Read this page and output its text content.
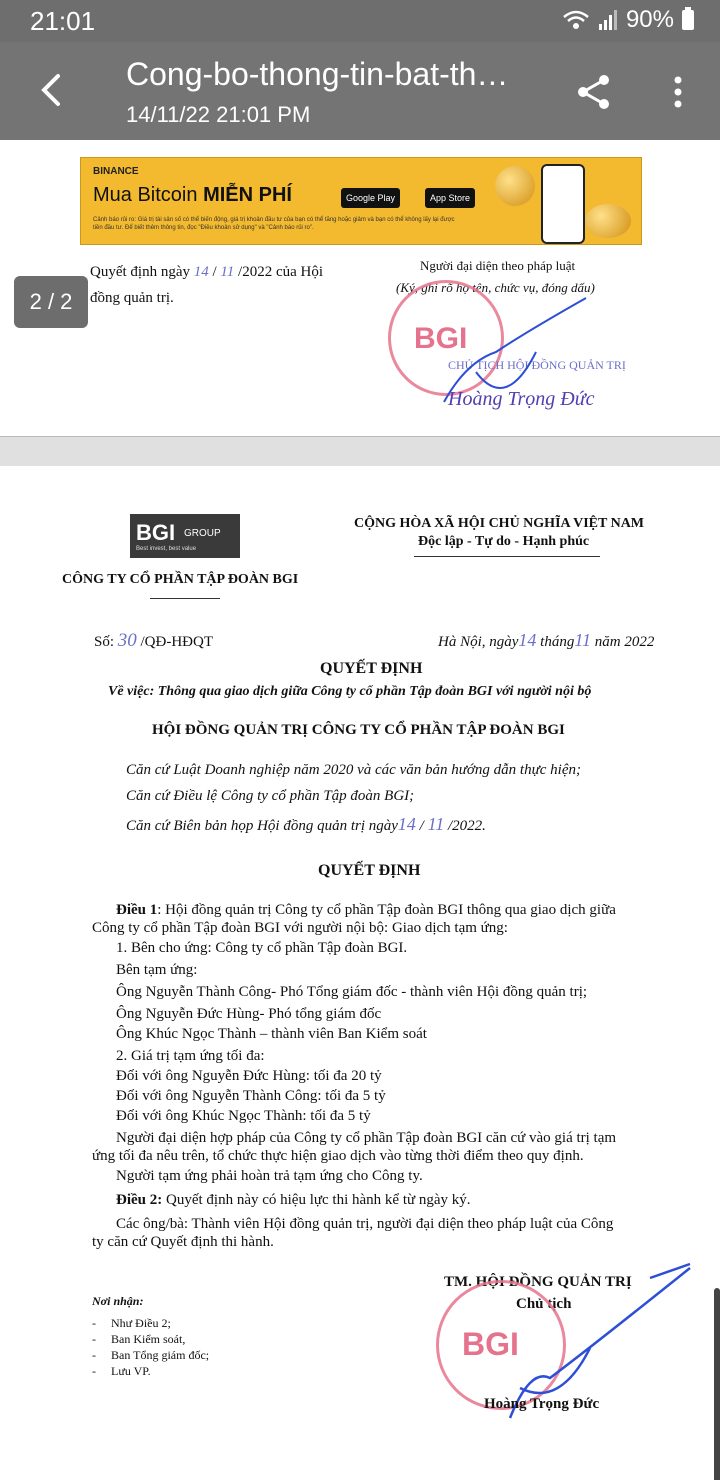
21:01	90%
Cong-bo-thong-tin-bat-th…
14/11/22 21:01 PM
BINANCE
Mua Bitcoin MIỄN PHÍ	Google Play	App Store
Cảnh báo rủi ro: Giá trị tài sản số có thể biến động, giá trị khoản đầu tư của bạn có thể tăng hoặc giảm và bạn có thể không lấy lại được tiền đầu tư. Để biết thêm thông tin, đọc "Điều khoản sử dụng" và "Cảnh báo rủi ro".
Quyết định ngày 14 / 11 /2022 của Hội
đồng quản trị.
Người đại diện theo pháp luật
(Ký, ghi rõ họ tên, chức vụ, đóng dấu)
BGI
CHỦ TỊCH HỘI ĐỒNG QUẢN TRỊ
Hoàng Trọng Đức
2 / 2
BGI GROUP
Best invest, best value
CÔNG TY CỔ PHẦN TẬP ĐOÀN BGI
CỘNG HÒA XÃ HỘI CHỦ NGHĨA VIỆT NAM
Độc lập - Tự do - Hạnh phúc
Số: 30 /QĐ-HĐQT	Hà Nội, ngày14 tháng11 năm 2022
QUYẾT ĐỊNH
Về việc: Thông qua giao dịch giữa Công ty cổ phần Tập đoàn BGI với người nội bộ
HỘI ĐỒNG QUẢN TRỊ CÔNG TY CỔ PHẦN TẬP ĐOÀN BGI
Căn cứ Luật Doanh nghiệp năm 2020 và các văn bản hướng dẫn thực hiện;
Căn cứ Điều lệ Công ty cổ phần Tập đoàn BGI;
Căn cứ Biên bản họp Hội đồng quản trị ngày14 / 11 /2022.
QUYẾT ĐỊNH
Điều 1: Hội đồng quản trị Công ty cổ phần Tập đoàn BGI thông qua giao dịch giữa
Công ty cổ phần Tập đoàn BGI với người nội bộ: Giao dịch tạm ứng:
1. Bên cho ứng: Công ty cổ phần Tập đoàn BGI.
Bên tạm ứng:
Ông Nguyễn Thành Công- Phó Tổng giám đốc - thành viên Hội đồng quản trị;
Ông Nguyễn Đức Hùng- Phó tổng giám đốc
Ông Khúc Ngọc Thành – thành viên Ban Kiểm soát
2. Giá trị tạm ứng tối đa:
Đối với ông Nguyễn Đức Hùng: tối đa 20 tỷ
Đối với ông Nguyễn Thành Công: tối đa 5 tỷ
Đối với ông Khúc Ngọc Thành: tối đa 5 tỷ
Người đại diện hợp pháp của Công ty cổ phần Tập đoàn BGI căn cứ vào giá trị tạm
ứng tối đa nêu trên, tổ chức thực hiện giao dịch vào từng thời điểm theo quy định.
Người tạm ứng phải hoàn trả tạm ứng cho Công ty.
Điều 2: Quyết định này có hiệu lực thi hành kể từ ngày ký.
Các ông/bà: Thành viên Hội đồng quản trị, người đại diện theo pháp luật của Công
ty căn cứ Quyết định thi hành.
TM. HỘI ĐỒNG QUẢN TRỊ
Chủ tịch
BGI
Hoàng Trọng Đức
Nơi nhận:
-     Như Điều 2;
-     Ban Kiểm soát,
-     Ban Tổng giám đốc;
-     Lưu VP.
